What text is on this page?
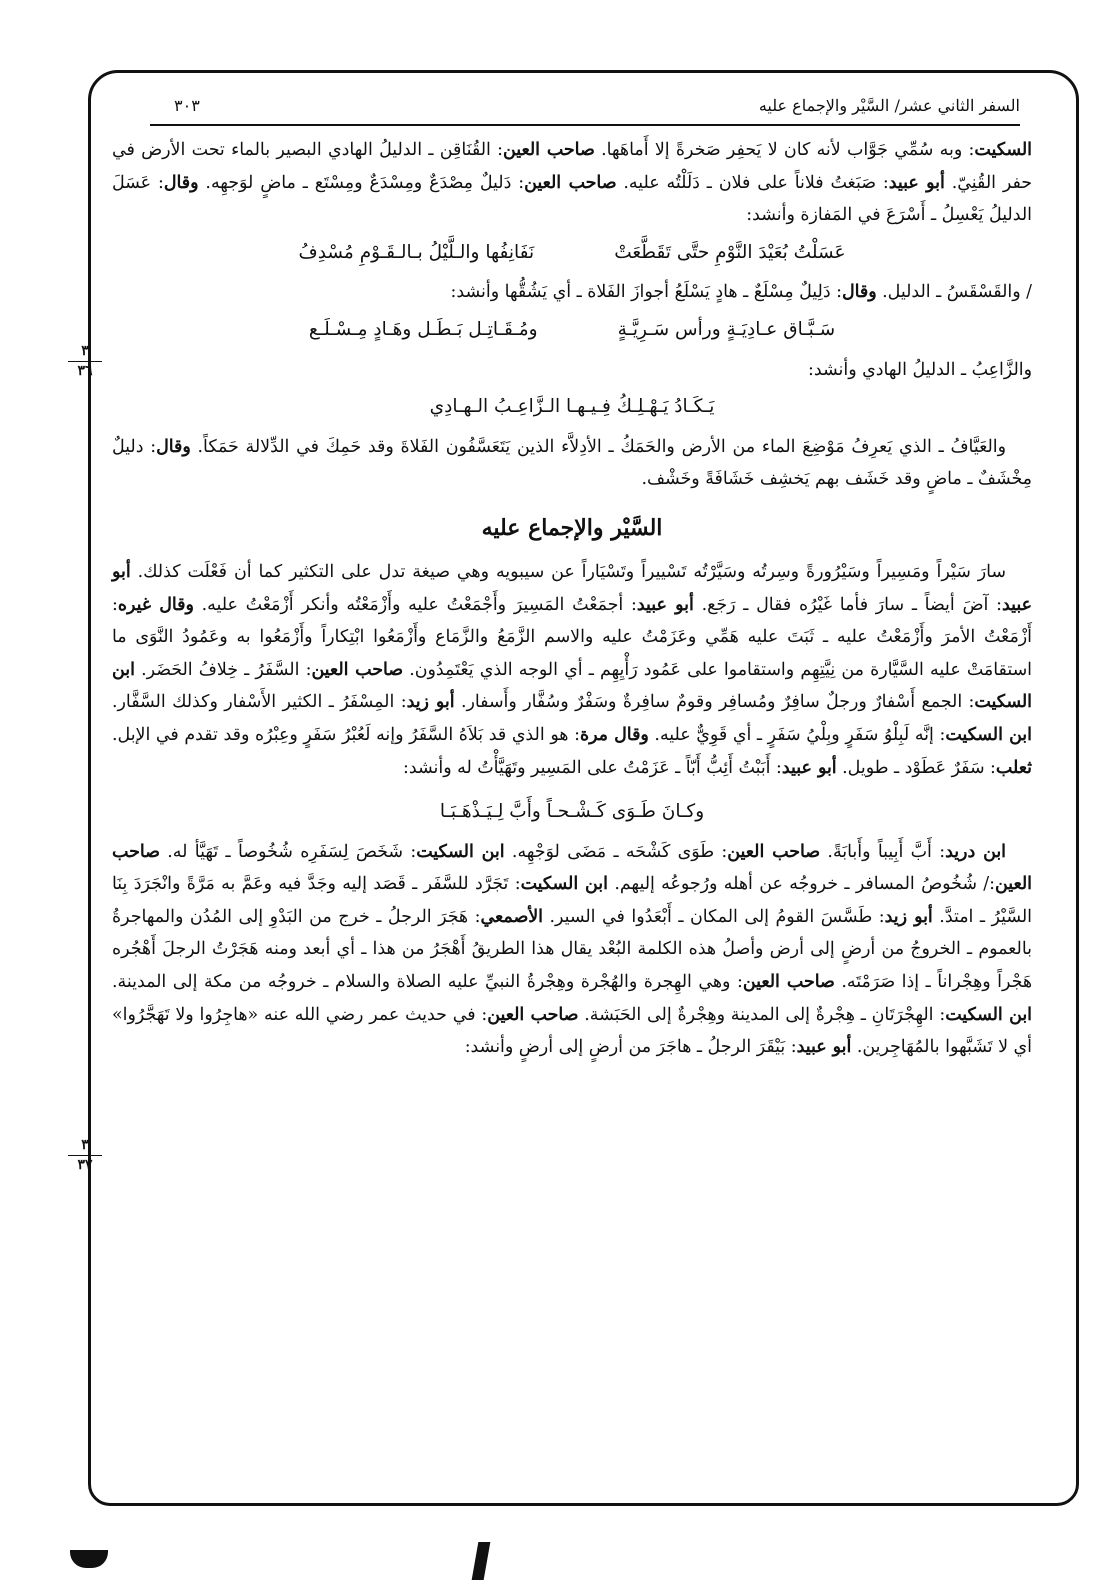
السفر الثاني عشر/ السَّيْر والإجماع عليه
٣٠٣
٣
٣٦
٣
٣٧

السكيت: وبه سُمِّي جَوَّاب لأنه كان لا يَحفِر صَخرةً إلا أَماهَها. صاحب العين: القُنَاقِن ـ الدليلُ الهادي البصير بالماء تحت الأرض في حفر القُنِيّ. أبو عبيد: صَبَغتُ فلاناً على فلان ـ دَلَلْتُه عليه. صاحب العين: دَليلٌ مِصْدَعٌ ومِسْدَعٌ ومِسْتَع ـ ماضٍ لوَجهِه. وقال: عَسَلَ الدليلُ يَعْسِلُ ـ أَسْرَعَ في المَفازة وأنشد:

عَسَلْتُ بُعَيْدَ النَّوْمِ حتَّى تَقَطَّعَتْ
نَفَانِفُها والـلَّيْلُ بـالـقَـوْمِ مُسْدِفُ

/ والقَسْقَسُ ـ الدليل. وقال: دَلِيلٌ مِسْلَعٌ ـ هادٍ يَسْلَعُ أجوازَ الفَلاة ـ أي يَشُقُّها وأنشد:

سَـبَّـاق عـادِيَـةٍ ورأس سَـرِيَّـةٍ
ومُـقَـاتِـل بَـطَـل وهَـادٍ مِـسْـلَـع

والزَّاعِبُ ـ الدليلُ الهادي وأنشد:

يَـكَـادُ يَـهْـلِـكُ فِـيـهـا الـزَّاعِـبُ الـهـادِي

والعَيَّافُ ـ الذي يَعرِفُ مَوْضِعَ الماء من الأرض والحَمَكُ ـ الأدِلاَّء الذين يَتَعَسَّفُون الفَلاةَ وقد حَمِكَ في الدِّلالة حَمَكاً. وقال: دليلٌ مِخْشَفٌ ـ ماضٍ وقد خَشَف بهم يَخشِف خَشَافَةً وخَشْف.

السَّيْر والإجماع عليه

سارَ سَيْراً ومَسِيراً وسَيْرُورةً وسِرتُه وسَيَّرْتُه تَسْييراً وتَسْيَاراً عن سيبويه وهي صيغة تدل على التكثير كما أن فَعْلَت كذلك. أبو عبيد: آضَ أيضاً ـ سارَ فأما غَيْرُه فقال ـ رَجَع. أبو عبيد: أجمَعْتُ المَسِيرَ وأَجْمَعْتُ عليه وأَزْمَعْتُه وأنكر أَزْمَعْتُ عليه. وقال غيره: أَزْمَعْتُ الأمرَ وأَزْمَعْتُ عليه ـ ثَبَتَ عليه هَمِّي وعَزَمْتُ عليه والاسم الزَّمَعُ والزَّمَاع وأَزْمَعُوا ابْتِكاراً وأَزْمَعُوا به وعَمُودُ النَّوَى ما استقامَتْ عليه السَّيَّارة من نِيَّتِهِم واستقاموا على عَمُود رَأْيِهِم ـ أي الوجه الذي يَعْتَمِدُون. صاحب العين: السَّفَرُ ـ خِلافُ الحَضَر. ابن السكيت: الجمع أَسْفارٌ ورجلٌ سافِرٌ ومُسافِر وقومٌ سافِرةٌ وسَفْرٌ وسُفَّار وأَسفار. أبو زيد: المِسْفَرُ ـ الكثير الأَسْفار وكذلك السَّفَّار. ابن السكيت: إنَّه لَبِلْوُ سَفَرٍ وبِلْيُ سَفَرٍ ـ أي قَوِيٌّ عليه. وقال مرة: هو الذي قد بَلاَهُ السَّفَرُ وإنه لَعُبْرُ سَفَرٍ وعِبْرُه وقد تقدم في الإبل. ثعلب: سَفَرٌ عَطَوْد ـ طويل. أبو عبيد: أَبَبْتُ أَئِبُّ أَبّاً ـ عَزَمْتُ على المَسِير وتَهَيَّأْتُ له وأنشد:

وكـانَ طَـوَى كَـشْـحـاً وأَبَّ لِـيَـذْهَـبَـا

ابن دريد: أَبَّ أَبِيباً وأَبابَةً. صاحب العين: طَوَى كَشْحَه ـ مَضَى لوَجْهِه. ابن السكيت: شَخَصَ لِسَفَرِه شُخُوصاً ـ تَهَيَّأ له. صاحب العين:/ شُخُوصُ المسافر ـ خروجُه عن أهله ورُجوعُه إليهم. ابن السكيت: تَجَرَّد للسَّفَر ـ قَصَد إليه وجَدَّ فيه وعَمَّ به مَرَّةً وانْجَرَدَ بِنَا السَّيْرُ ـ امتدَّ. أبو زيد: طَسَّسَ القومُ إلى المكان ـ أَبْعَدُوا في السير. الأصمعي: هَجَرَ الرجلُ ـ خرج من البَدْوِ إلى المُدُن والمهاجرةُ بالعموم ـ الخروجُ من أرضٍ إلى أرض وأصلُ هذه الكلمة البُعْد يقال هذا الطريقُ أَهْجَرُ من هذا ـ أي أبعد ومنه هَجَرْتُ الرجلَ أَهْجُره هَجْراً وهِجْراناً ـ إذا صَرَمْتَه. صاحب العين: وهي الهِجرة والهُجْرة وهِجْرةُ النبيِّ عليه الصلاة والسلام ـ خروجُه من مكة إلى المدينة. ابن السكيت: الهِجْرَتَانِ ـ هِجْرةٌ إلى المدينة وهِجْرةٌ إلى الحَبَشة. صاحب العين: في حديث عمر رضي الله عنه «هاجِرُوا ولا تَهَجَّرُوا» أي لا تَشَبَّهوا بالمُهَاجِرين. أبو عبيد: بَيْقَرَ الرجلُ ـ هاجَرَ من أرضٍ إلى أرضٍ وأنشد:
